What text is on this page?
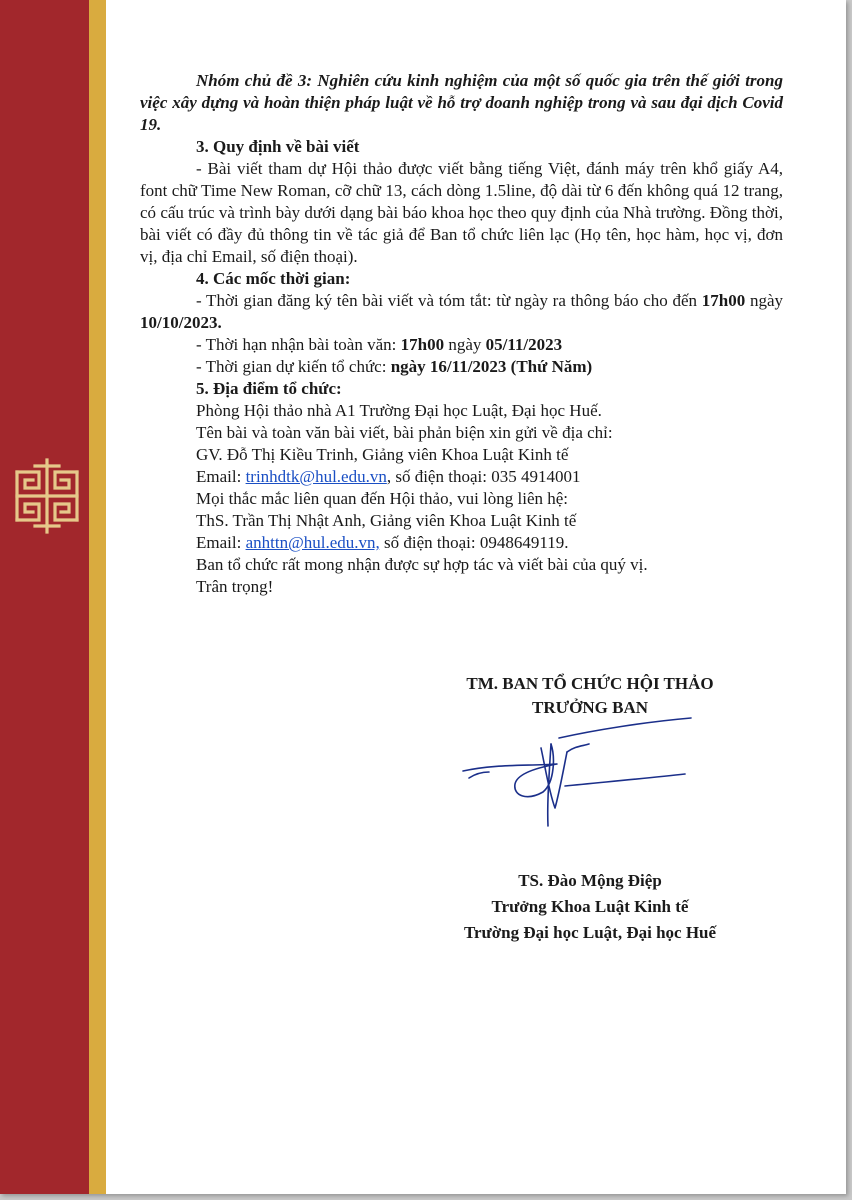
Nhóm chủ đề 3: Nghiên cứu kinh nghiệm của một số quốc gia trên thế giới trong việc xây dựng và hoàn thiện pháp luật về hỗ trợ doanh nghiệp trong và sau đại dịch Covid 19.

3. Quy định về bài viết

- Bài viết tham dự Hội thảo được viết bằng tiếng Việt, đánh máy trên khổ giấy A4, font chữ Time New Roman, cỡ chữ 13, cách dòng 1.5line, độ dài từ 6 đến không quá 12 trang, có cấu trúc và trình bày dưới dạng bài báo khoa học theo quy định của Nhà trường. Đồng thời, bài viết có đầy đủ thông tin về tác giả để Ban tổ chức liên lạc (Họ tên, học hàm, học vị, đơn vị, địa chỉ Email, số điện thoại).

4. Các mốc thời gian:

- Thời gian đăng ký tên bài viết và tóm tắt: từ ngày ra thông báo cho đến 17h00 ngày 10/10/2023.

- Thời hạn nhận bài toàn văn: 17h00 ngày 05/11/2023

- Thời gian dự kiến tổ chức: ngày 16/11/2023 (Thứ Năm)

5. Địa điểm tổ chức:

Phòng Hội thảo nhà A1 Trường Đại học Luật, Đại học Huế.

Tên bài và toàn văn bài viết, bài phản biện xin gửi về địa chỉ:

GV. Đỗ Thị Kiều Trinh, Giảng viên Khoa Luật Kinh tế

Email: trinhdtk@hul.edu.vn, số điện thoại: 035 4914001

Mọi thắc mắc liên quan đến Hội thảo, vui lòng liên hệ:

ThS. Trần Thị Nhật Anh, Giảng viên Khoa Luật Kinh tế

Email: anhttn@hul.edu.vn, số điện thoại: 0948649119.

Ban tổ chức rất mong nhận được sự hợp tác và viết bài của quý vị.

Trân trọng!

TM. BAN TỔ CHỨC HỘI THẢO
TRƯỞNG BAN
TS. Đào Mộng Điệp
Trưởng Khoa Luật Kinh tế
Trường Đại học Luật, Đại học Huế
